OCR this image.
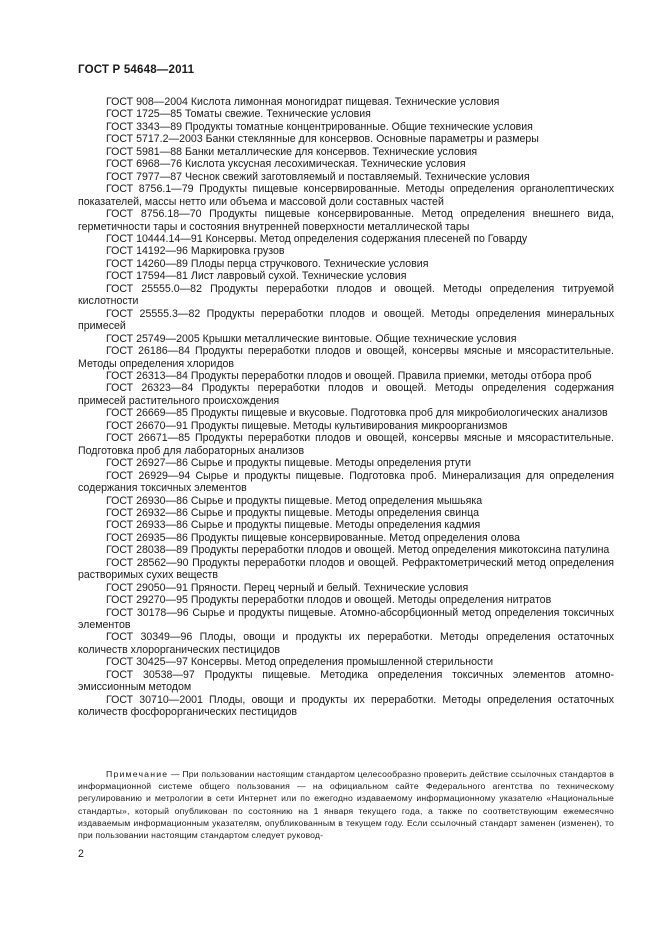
ГОСТ Р 54648—2011
ГОСТ 908—2004 Кислота лимонная моногидрат пищевая. Технические условия
ГОСТ 1725—85 Томаты свежие. Технические условия
ГОСТ 3343—89 Продукты томатные концентрированные. Общие технические условия
ГОСТ 5717.2—2003 Банки стеклянные для консервов. Основные параметры и размеры
ГОСТ 5981—88 Банки металлические для консервов. Технические условия
ГОСТ 6968—76 Кислота уксусная лесохимическая. Технические условия
ГОСТ 7977—87 Чеснок свежий заготовляемый и поставляемый. Технические условия
ГОСТ 8756.1—79 Продукты пищевые консервированные. Методы определения органолептических показателей, массы нетто или объема и массовой доли составных частей
ГОСТ 8756.18—70 Продукты пищевые консервированные. Метод определения внешнего вида, герметичности тары и состояния внутренней поверхности металлической тары
ГОСТ 10444.14—91 Консервы. Метод определения содержания плесеней по Говарду
ГОСТ 14192—96 Маркировка грузов
ГОСТ 14260—89 Плоды перца стручкового. Технические условия
ГОСТ 17594—81 Лист лавровый сухой. Технические условия
ГОСТ 25555.0—82 Продукты переработки плодов и овощей. Методы определения титруемой кислотности
ГОСТ 25555.3—82 Продукты переработки плодов и овощей. Методы определения минеральных примесей
ГОСТ 25749—2005 Крышки металлические винтовые. Общие технические условия
ГОСТ 26186—84 Продукты переработки плодов и овощей, консервы мясные и мясорастительные. Методы определения хлоридов
ГОСТ 26313—84 Продукты переработки плодов и овощей. Правила приемки, методы отбора проб
ГОСТ 26323—84 Продукты переработки плодов и овощей. Методы определения содержания примесей растительного происхождения
ГОСТ 26669—85 Продукты пищевые и вкусовые. Подготовка проб для микробиологических анализов
ГОСТ 26670—91 Продукты пищевые. Методы культивирования микроорганизмов
ГОСТ 26671—85 Продукты переработки плодов и овощей, консервы мясные и мясорастительные. Подготовка проб для лабораторных анализов
ГОСТ 26927—86 Сырье и продукты пищевые. Методы определения ртути
ГОСТ 26929—94 Сырье и продукты пищевые. Подготовка проб. Минерализация для определения содержания токсичных элементов
ГОСТ 26930—86 Сырье и продукты пищевые. Метод определения мышьяка
ГОСТ 26932—86 Сырье и продукты пищевые. Методы определения свинца
ГОСТ 26933—86 Сырье и продукты пищевые. Методы определения кадмия
ГОСТ 26935—86 Продукты пищевые консервированные. Метод определения олова
ГОСТ 28038—89 Продукты переработки плодов и овощей. Метод определения микотоксина патулина
ГОСТ 28562—90 Продукты переработки плодов и овощей. Рефрактометрический метод определения растворимых сухих веществ
ГОСТ 29050—91 Пряности. Перец черный и белый. Технические условия
ГОСТ 29270—95 Продукты переработки плодов и овощей. Методы определения нитратов
ГОСТ 30178—96 Сырье и продукты пищевые. Атомно-абсорбционный метод определения токсичных элементов
ГОСТ 30349—96 Плоды, овощи и продукты их переработки. Методы определения остаточных количеств хлорорганических пестицидов
ГОСТ 30425—97 Консервы. Метод определения промышленной стерильности
ГОСТ 30538—97 Продукты пищевые. Методика определения токсичных элементов атомно-эмиссионным методом
ГОСТ 30710—2001 Плоды, овощи и продукты их переработки. Методы определения остаточных количеств фосфорорганических пестицидов
Примечание — При пользовании настоящим стандартом целесообразно проверить действие ссылочных стандартов в информационной системе общего пользования — на официальном сайте Федерального агентства по техническому регулированию и метрологии в сети Интернет или по ежегодно издаваемому информационному указателю «Национальные стандарты», который опубликован по состоянию на 1 января текущего года, а также по соответствующим ежемесячно издаваемым информационным указателям, опубликованным в текущем году. Если ссылочный стандарт заменен (изменен), то при пользовании настоящим стандартом следует руковод-
2
